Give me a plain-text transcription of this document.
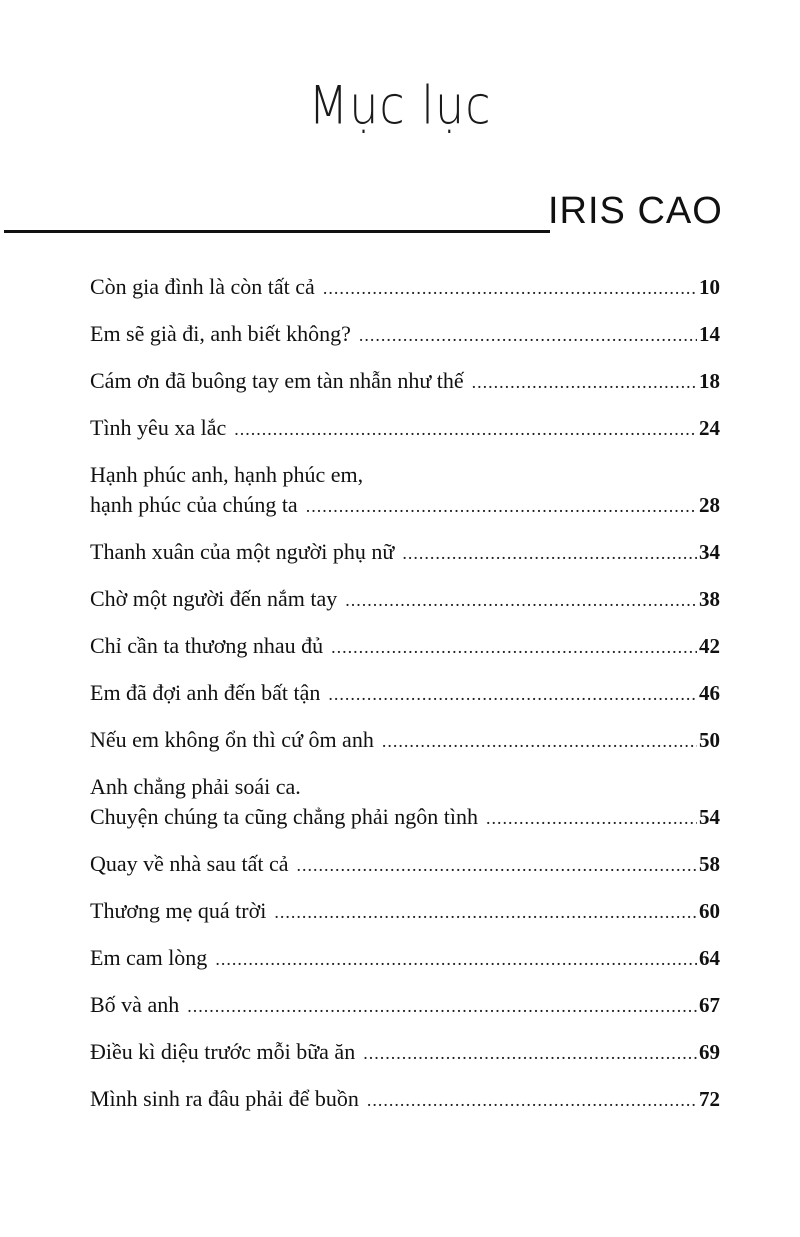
Mục lục
IRIS CAO
Còn gia đình là còn tất cả .....	10
Em sẽ già đi, anh biết không? .....	14
Cám ơn đã buông tay em tàn nhẫn như thế .....	18
Tình yêu xa lắc .....	24
Hạnh phúc anh, hạnh phúc em,
hạnh phúc của chúng ta .....	28
Thanh xuân của một người phụ nữ .....	34
Chờ một người đến nắm tay .....	38
Chỉ cần ta thương nhau đủ .....	42
Em đã đợi anh đến bất tận .....	46
Nếu em không ổn thì cứ ôm anh .....	50
Anh chẳng phải soái ca.
Chuyện chúng ta cũng chẳng phải ngôn tình .....	54
Quay về nhà sau tất cả .....	58
Thương mẹ quá trời .....	60
Em cam lòng .....	64
Bố và anh .....	67
Điều kì diệu trước mỗi bữa ăn .....	69
Mình sinh ra đâu phải để buồn .....	72
